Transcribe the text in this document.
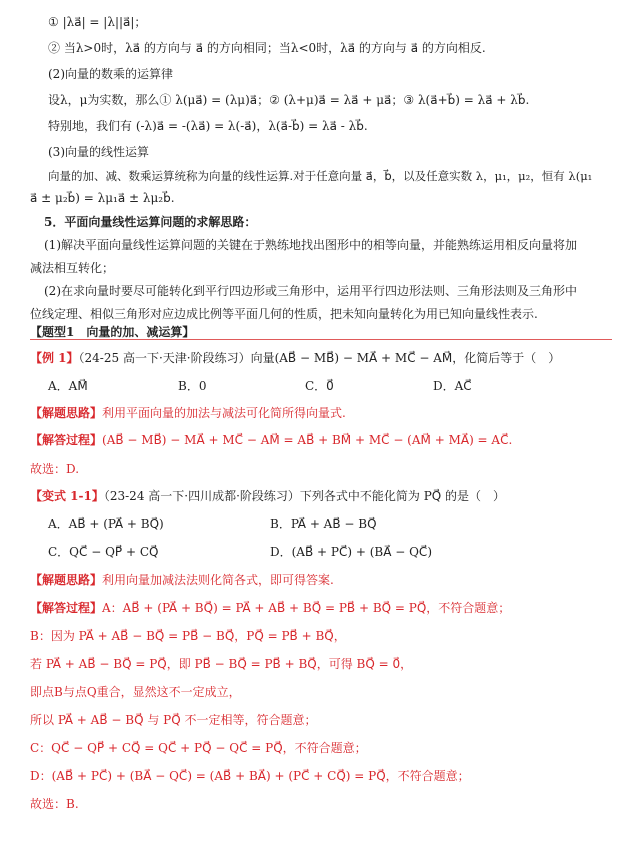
① |λa⃗| = |λ||a⃗|；
② 当λ>0时，λa⃗ 的方向与 a⃗ 的方向相同；当λ<0时，λa⃗ 的方向与 a⃗ 的方向相反.
(2)向量的数乘的运算律
设λ，μ为实数，那么① λ(μa⃗) = (λμ)a⃗；② (λ+μ)a⃗ = λa⃗ + μa⃗；③ λ(a⃗+b⃗) = λa⃗ + λb⃗.
特别地，我们有 (-λ)a⃗ = -(λa⃗) = λ(-a⃗)，λ(a⃗-b⃗) = λa⃗ - λb⃗.
(3)向量的线性运算
向量的加、减、数乘运算统称为向量的线性运算.对于任意向量 a⃗，b⃗，以及任意实数 λ，μ₁，μ₂，恒有 λ(μ₁
a⃗ ± μ₂b⃗) = λμ₁a⃗ ± λμ₂b⃗.
5．平面向量线性运算问题的求解思路：
(1)解决平面向量线性运算问题的关键在于熟练地找出图形中的相等向量，并能熟练运用相反向量将加
减法相互转化；
(2)在求向量时要尽可能转化到平行四边形或三角形中，运用平行四边形法则、三角形法则及三角形中
位线定理、相似三角形对应边成比例等平面几何的性质，把未知向量转化为用已知向量线性表示.
【题型1　向量的加、减运算】
【例 1】（24-25 高一下·天津·阶段练习）向量(AB⃗ − MB⃗) − MA⃗ + MC⃗ − AM⃗，化简后等于（　）
A．AM⃗	B．0	C．0⃗	D．AC⃗
【解题思路】利用平面向量的加法与减法可化简所得向量式.
【解答过程】(AB⃗ − MB⃗) − MA⃗ + MC⃗ − AM⃗ = AB⃗ + BM⃗ + MC⃗ − (AM⃗ + MA⃗) = AC⃗.
故选：D.
【变式 1-1】（23-24 高一下·四川成都·阶段练习）下列各式中不能化简为 PQ⃗ 的是（　）
A．AB⃗ + (PA⃗ + BQ⃗)	B．PA⃗ + AB⃗ − BQ⃗
C．QC⃗ − QP⃗ + CQ⃗	D．(AB⃗ + PC⃗) + (BA⃗ − QC⃗)
【解题思路】利用向量加减法法则化简各式，即可得答案.
【解答过程】A：AB⃗ + (PA⃗ + BQ⃗) = PA⃗ + AB⃗ + BQ⃗ = PB⃗ + BQ⃗ = PQ⃗，不符合题意；
B：因为 PA⃗ + AB⃗ − BQ⃗ = PB⃗ − BQ⃗，PQ⃗ = PB⃗ + BQ⃗，
若 PA⃗ + AB⃗ − BQ⃗ = PQ⃗，即 PB⃗ − BQ⃗ = PB⃗ + BQ⃗，可得 BQ⃗ = 0⃗，
即点B与点Q重合，显然这不一定成立，
所以 PA⃗ + AB⃗ − BQ⃗ 与 PQ⃗ 不一定相等，符合题意；
C：QC⃗ − QP⃗ + CQ⃗ = QC⃗ + PQ⃗ − QC⃗ = PQ⃗，不符合题意；
D：(AB⃗ + PC⃗) + (BA⃗ − QC⃗) = (AB⃗ + BA⃗) + (PC⃗ + CQ⃗) = PQ⃗，不符合题意；
故选：B.
